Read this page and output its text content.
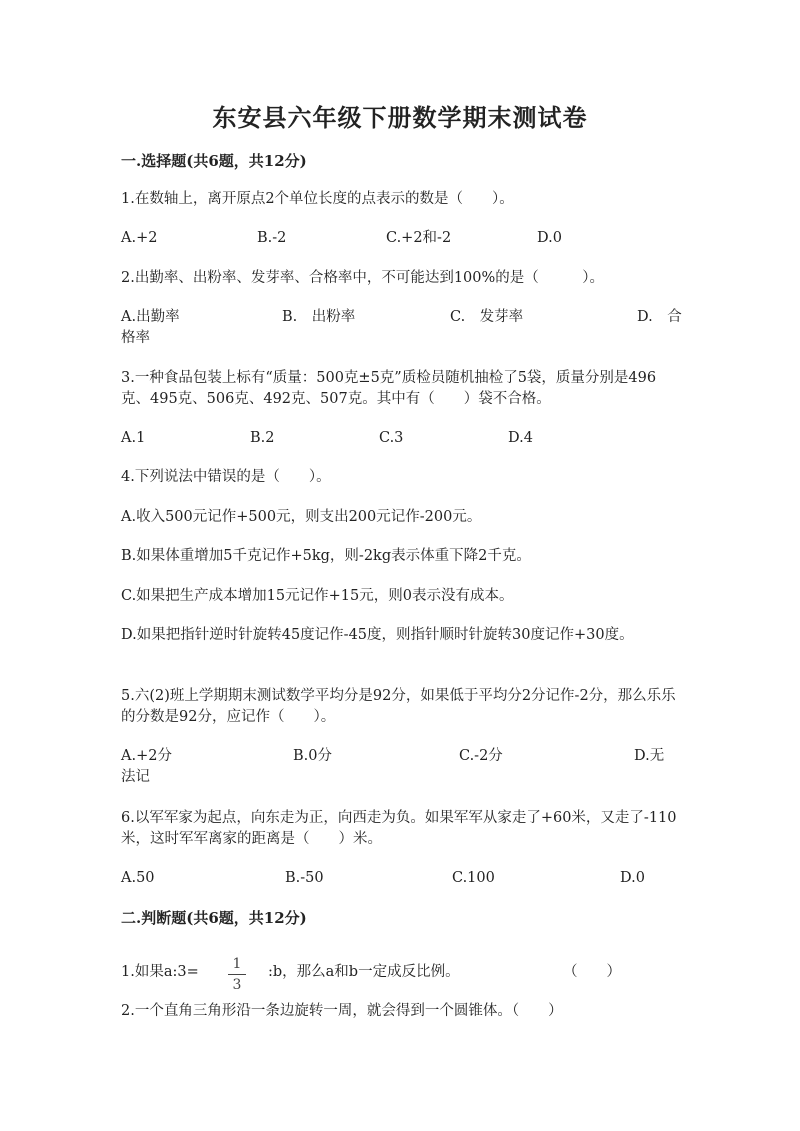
东安县六年级下册数学期末测试卷
一.选择题(共6题，共12分)

1.在数轴上，离开原点2个单位长度的点表示的数是（　　）。

A.+2	B.-2	C.+2和-2	D.0

2.出勤率、出粉率、发芽率、合格率中，不可能达到100%的是（　　　）。

A.出勤率	B.　出粉率	C.　发芽率	D.　合
格率

3.一种食品包装上标有“质量：500克±5克”质检员随机抽检了5袋，质量分别是496克、495克、506克、492克、507克。其中有（　　）袋不合格。

A.1	B.2	C.3	D.4

4.下列说法中错误的是（　　）。

A.收入500元记作+500元，则支出200元记作-200元。

B.如果体重增加5千克记作+5kg，则-2kg表示体重下降2千克。

C.如果把生产成本增加15元记作+15元，则0表示没有成本。

D.如果把指针逆时针旋转45度记作-45度，则指针顺时针旋转30度记作+30度。

5.六(2)班上学期期末测试数学平均分是92分，如果低于平均分2分记作-2分，那么乐乐的分数是92分，应记作（　　）。

A.+2分	B.0分	C.-2分	D.无
法记

6.以军军家为起点，向东走为正，向西走为负。如果军军从家走了+60米，又走了-110米，这时军军离家的距离是（　　）米。

A.50	B.-50	C.100	D.0
二.判断题(共6题，共12分)
1.如果a:3=	1
3
:b，那么a和b一定成反比例。	（　　）

2.一个直角三角形沿一条边旋转一周，就会得到一个圆锥体。（　　）
